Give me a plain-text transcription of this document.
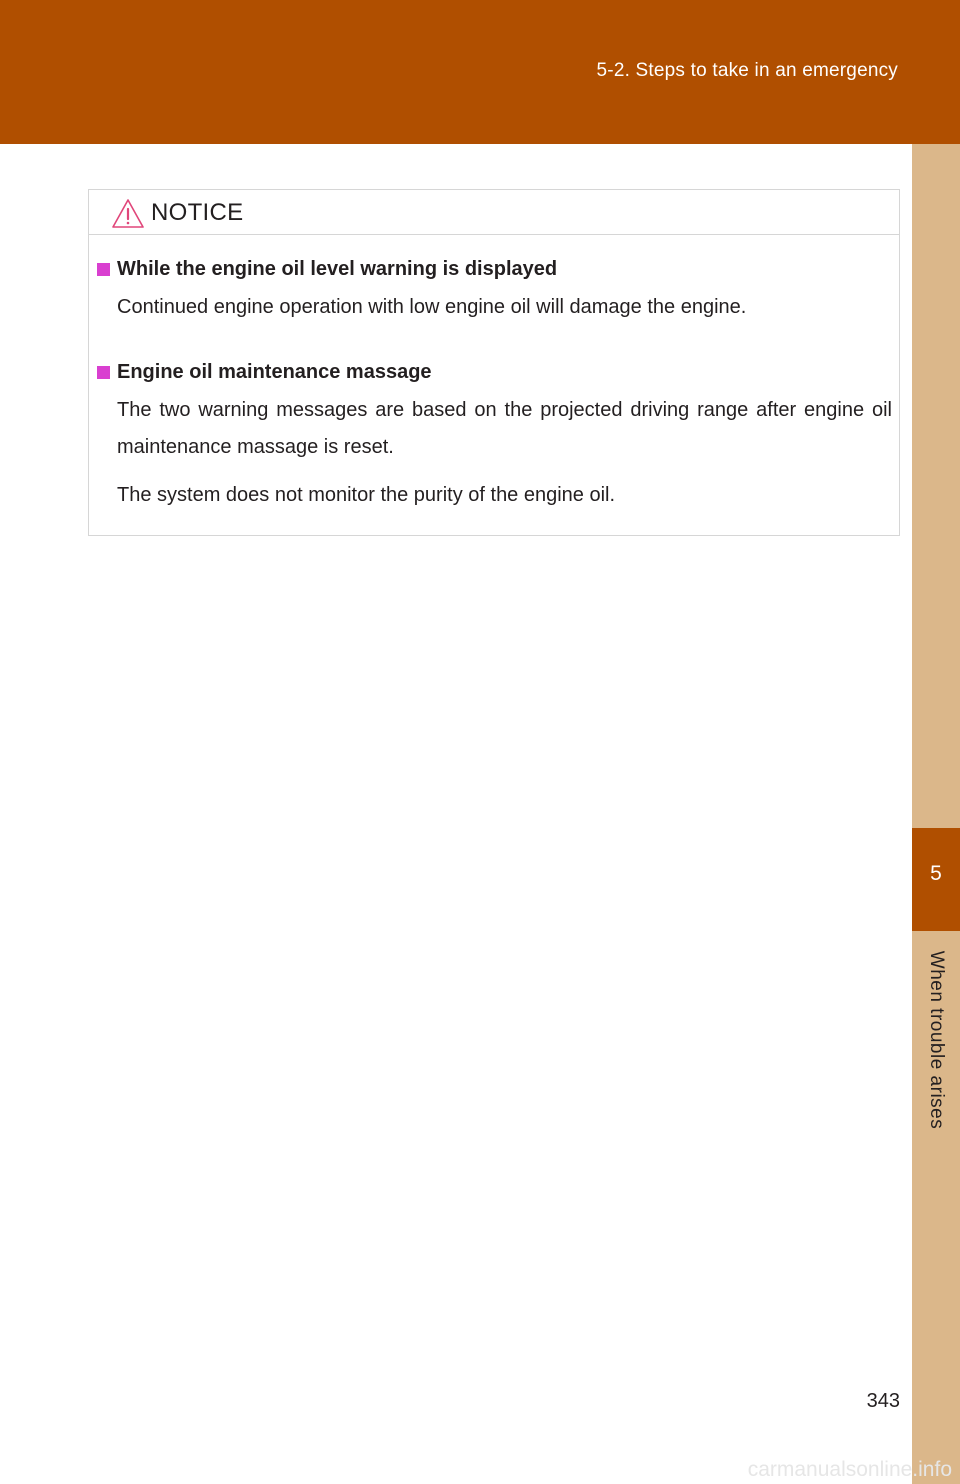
5-2. Steps to take in an emergency
5
When trouble arises
NOTICE
While the engine oil level warning is displayed
Continued engine operation with low engine oil will damage the engine.
Engine oil maintenance massage
The two warning messages are based on the projected driving range after engine oil maintenance massage is reset.
The system does not monitor the purity of the engine oil.
343
carmanualsonline.info
